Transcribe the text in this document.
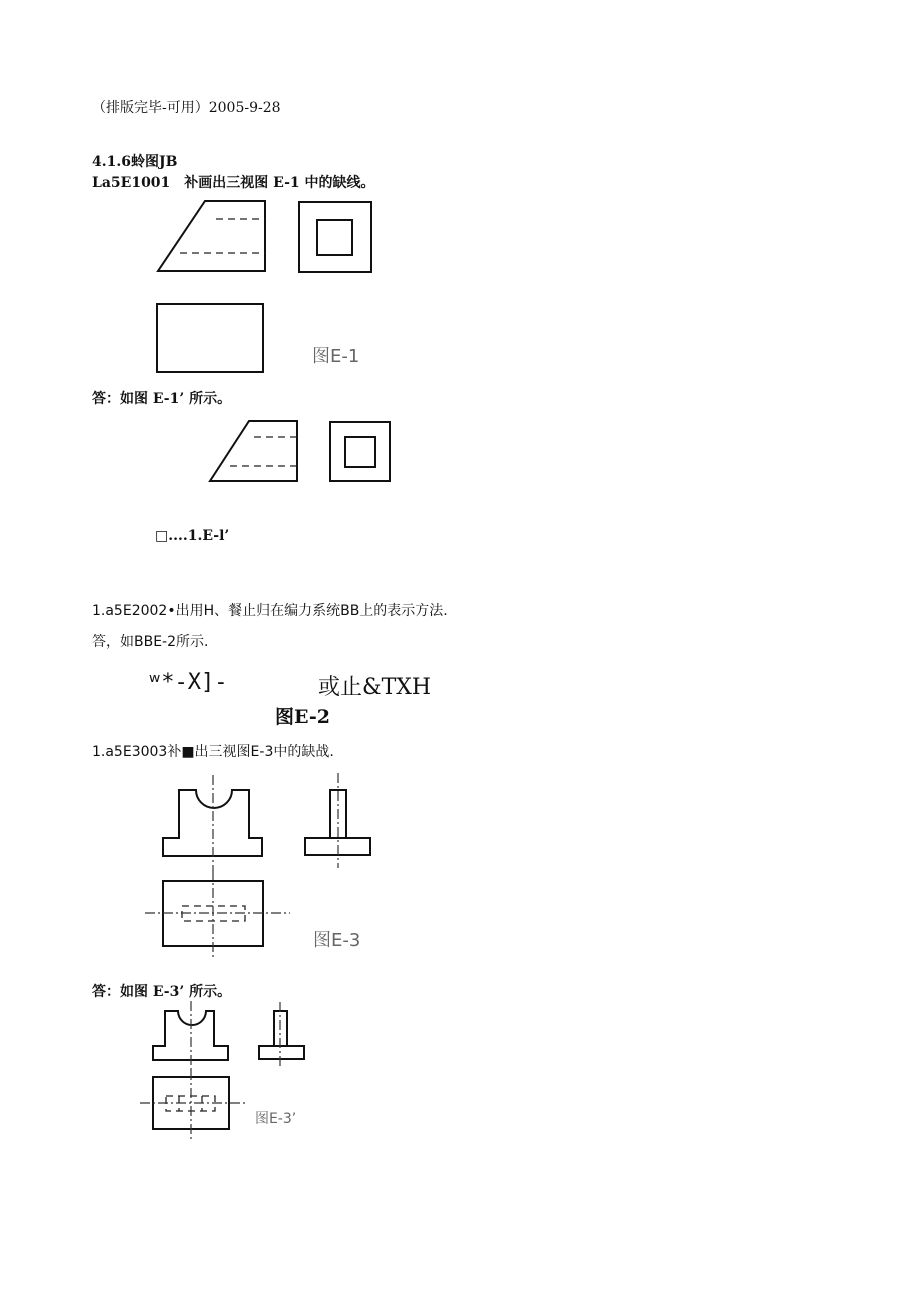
（排版完毕-可用）2005-9-28
4.1.6蛉图JB
La5E1001　补画出三视图 E-1 中的缺线。
图E-1
答：如图 E-1’ 所示。
□....1.E-l’
1.a5E2002•出用H、餐止归在编力系统BB上的表示方法.
答，如BBE-2所示.
ʷ*-X]-	或止&TXH
图E-2
1.a5E3003补■出三视图E-3中的缺战.
图E-3
答：如图 E-3’ 所示。
图E-3’
